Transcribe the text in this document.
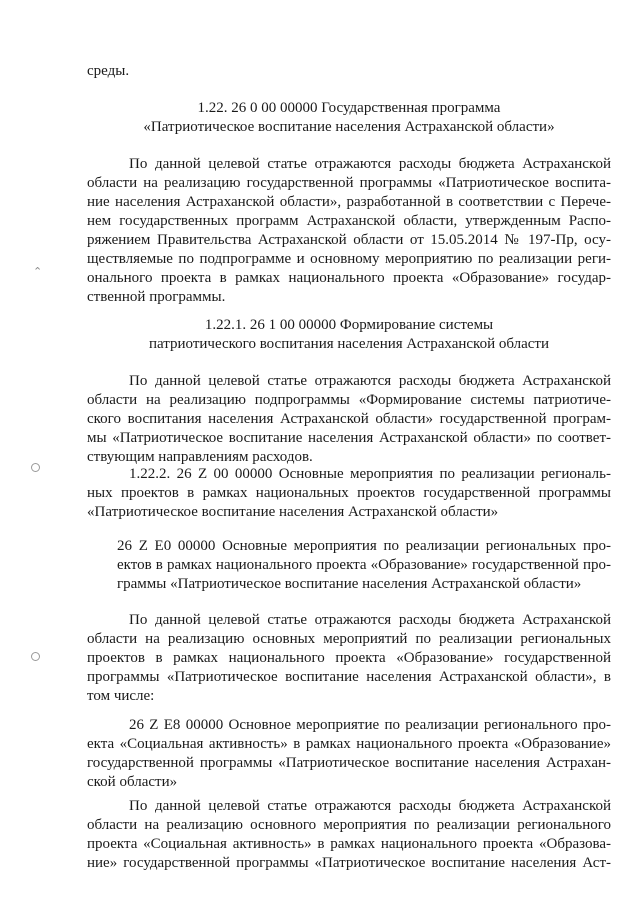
среды.
1.22. 26 0 00 00000 Государственная программа
«Патриотическое воспитание населения Астраханской области»
По данной целевой статье отражаются расходы бюджета Астраханской
области на реализацию государственной программы «Патриотическое воспита-
ние населения Астраханской области», разработанной в соответствии с Перече-
нем государственных программ Астраханской области, утвержденным Распо-
ряжением Правительства Астраханской области от 15.05.2014 № 197-Пр, осу-
ществляемые по подпрограмме и основному мероприятию по реализации реги-
онального проекта в рамках национального проекта «Образование» государ-
ственной программы.
1.22.1. 26 1 00 00000 Формирование системы
патриотического воспитания населения Астраханской области
По данной целевой статье отражаются расходы бюджета Астраханской
области на реализацию подпрограммы «Формирование системы патриотиче-
ского воспитания населения Астраханской области» государственной програм-
мы «Патриотическое воспитание населения Астраханской области» по соответ-
ствующим направлениям расходов.
1.22.2. 26 Z 00 00000 Основные мероприятия по реализации региональ-
ных проектов в рамках национальных проектов государственной программы
«Патриотическое воспитание населения Астраханской области»
26 Z E0 00000 Основные мероприятия по реализации региональных про-
ектов в рамках национального проекта «Образование» государственной про-
граммы «Патриотическое воспитание населения Астраханской области»
По данной целевой статье отражаются расходы бюджета Астраханской
области на реализацию основных мероприятий по реализации региональных
проектов в рамках национального проекта «Образование» государственной
программы «Патриотическое воспитание населения Астраханской области», в
том числе:
26 Z E8 00000 Основное мероприятие по реализации регионального про-
екта «Социальная активность» в рамках национального проекта «Образование»
государственной программы «Патриотическое воспитание населения Астрахан-
ской области»
По данной целевой статье отражаются расходы бюджета Астраханской
области на реализацию основного мероприятия по реализации регионального
проекта «Социальная активность» в рамках национального проекта «Образова-
ние» государственной программы «Патриотическое воспитание населения Аст-
⌃
